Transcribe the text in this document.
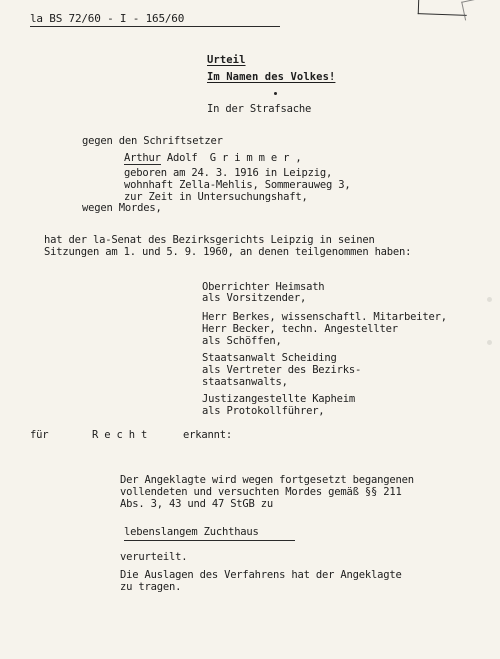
la BS 72/60 - I - 165/60
Urteil
Im Namen des Volkes!
In der Strafsache
gegen den Schriftsetzer
Arthur Adolf  G r i m m e r ,
geboren am 24. 3. 1916 in Leipzig,
wohnhaft Zella-Mehlis, Sommerauweg 3,
zur Zeit in Untersuchungshaft,
wegen Mordes,
hat der la-Senat des Bezirksgerichts Leipzig in seinen
Sitzungen am 1. und 5. 9. 1960, an denen teilgenommen haben:
Oberrichter Heimsath
als Vorsitzender,
Herr Berkes, wissenschaftl. Mitarbeiter,
Herr Becker, techn. Angestellter
als Schöffen,
Staatsanwalt Scheiding
als Vertreter des Bezirks-
staatsanwalts,
Justizangestellte Kapheim
als Protokollführer,
für	R e c h t	erkannt:
Der Angeklagte wird wegen fortgesetzt begangenen
vollendeten und versuchten Mordes gemäß §§ 211
Abs. 3, 43 und 47 StGB zu
lebenslangem Zuchthaus
verurteilt.
Die Auslagen des Verfahrens hat der Angeklagte
zu tragen.
